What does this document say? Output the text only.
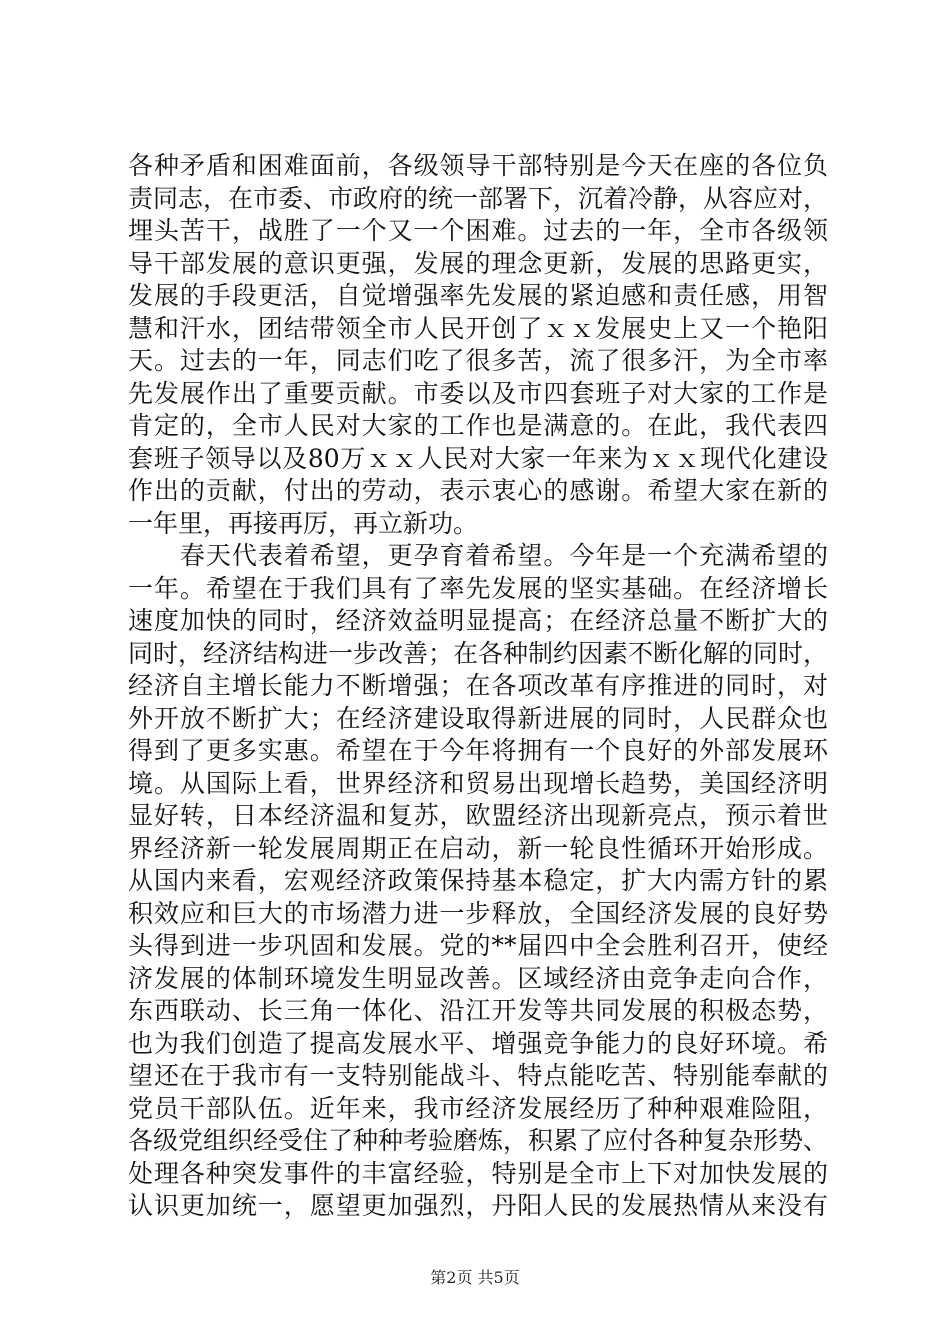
各种矛盾和困难面前，各级领导干部特别是今天在座的各位负
责同志，在市委、市政府的统一部署下，沉着冷静，从容应对，
埋头苦干，战胜了一个又一个困难。过去的一年，全市各级领
导干部发展的意识更强，发展的理念更新，发展的思路更实，
发展的手段更活，自觉增强率先发展的紧迫感和责任感，用智
慧和汗水，团结带领全市人民开创了ｘｘ发展史上又一个艳阳
天。过去的一年，同志们吃了很多苦，流了很多汗，为全市率
先发展作出了重要贡献。市委以及市四套班子对大家的工作是
肯定的，全市人民对大家的工作也是满意的。在此，我代表四
套班子领导以及80万ｘｘ人民对大家一年来为ｘｘ现代化建设
作出的贡献，付出的劳动，表示衷心的感谢。希望大家在新的
一年里，再接再厉，再立新功。
　　春天代表着希望，更孕育着希望。今年是一个充满希望的
一年。希望在于我们具有了率先发展的坚实基础。在经济增长
速度加快的同时，经济效益明显提高；在经济总量不断扩大的
同时，经济结构进一步改善；在各种制约因素不断化解的同时，
经济自主增长能力不断增强；在各项改革有序推进的同时，对
外开放不断扩大；在经济建设取得新进展的同时，人民群众也
得到了更多实惠。希望在于今年将拥有一个良好的外部发展环
境。从国际上看，世界经济和贸易出现增长趋势，美国经济明
显好转，日本经济温和复苏，欧盟经济出现新亮点，预示着世
界经济新一轮发展周期正在启动，新一轮良性循环开始形成。
从国内来看，宏观经济政策保持基本稳定，扩大内需方针的累
积效应和巨大的市场潜力进一步释放，全国经济发展的良好势
头得到进一步巩固和发展。党的**届四中全会胜利召开，使经
济发展的体制环境发生明显改善。区域经济由竞争走向合作，
东西联动、长三角一体化、沿江开发等共同发展的积极态势，
也为我们创造了提高发展水平、增强竞争能力的良好环境。希
望还在于我市有一支特别能战斗、特点能吃苦、特别能奉献的
党员干部队伍。近年来，我市经济发展经历了种种艰难险阻，
各级党组织经受住了种种考验磨炼，积累了应付各种复杂形势、
处理各种突发事件的丰富经验，特别是全市上下对加快发展的
认识更加统一，愿望更加强烈，丹阳人民的发展热情从来没有
第2页 共5页
